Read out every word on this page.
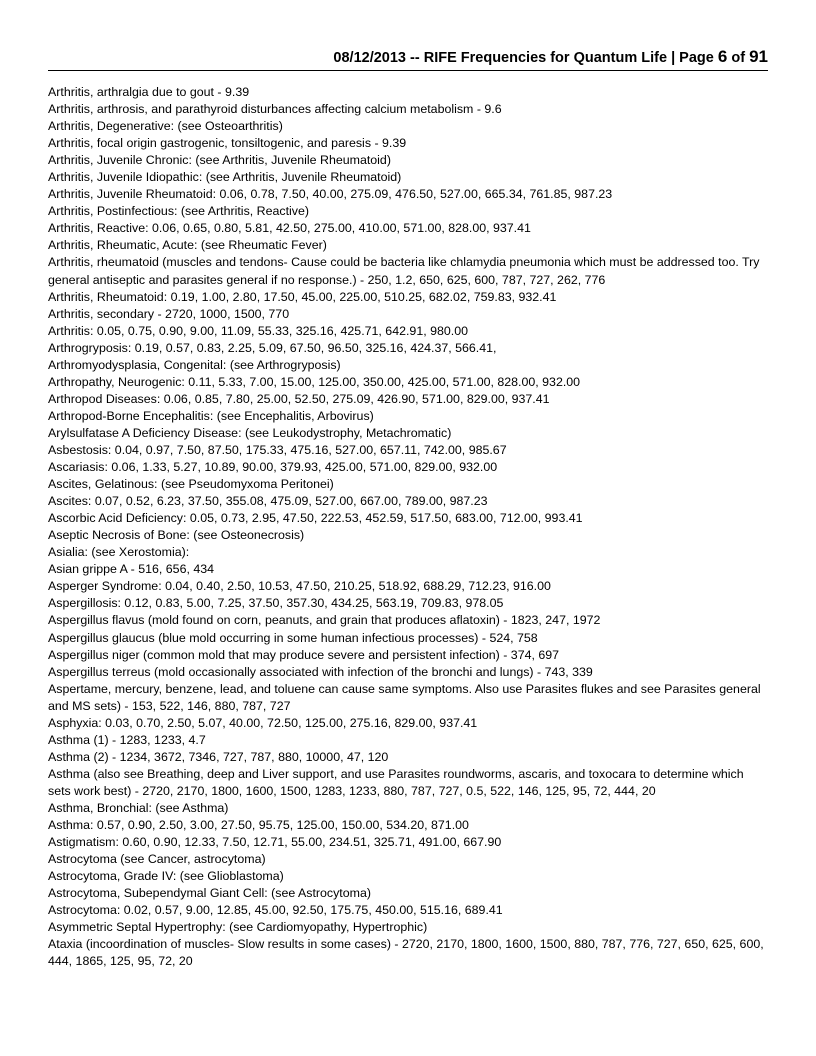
08/12/2013 -- RIFE Frequencies for Quantum Life | Page 6 of 91

Arthritis, arthralgia due to gout - 9.39

Arthritis, arthrosis, and parathyroid disturbances affecting calcium metabolism - 9.6

Arthritis, Degenerative: (see Osteoarthritis)

Arthritis, focal origin gastrogenic, tonsiltogenic, and paresis - 9.39

Arthritis, Juvenile Chronic: (see Arthritis, Juvenile Rheumatoid)

Arthritis, Juvenile Idiopathic: (see Arthritis, Juvenile Rheumatoid)

Arthritis, Juvenile Rheumatoid: 0.06, 0.78, 7.50, 40.00, 275.09, 476.50, 527.00, 665.34, 761.85, 987.23

Arthritis, Postinfectious: (see Arthritis, Reactive)

Arthritis, Reactive: 0.06, 0.65, 0.80, 5.81, 42.50, 275.00, 410.00, 571.00, 828.00, 937.41

Arthritis, Rheumatic, Acute: (see Rheumatic Fever)

Arthritis, rheumatoid (muscles and tendons- Cause could be bacteria like chlamydia pneumonia which must be addressed too. Try general antiseptic and parasites general if no response.) - 250, 1.2, 650, 625, 600, 787, 727, 262, 776

Arthritis, Rheumatoid: 0.19, 1.00, 2.80, 17.50, 45.00, 225.00, 510.25, 682.02, 759.83, 932.41

Arthritis, secondary - 2720, 1000, 1500, 770

Arthritis: 0.05, 0.75, 0.90, 9.00, 11.09, 55.33, 325.16, 425.71, 642.91, 980.00

Arthrogryposis: 0.19, 0.57, 0.83, 2.25, 5.09, 67.50, 96.50, 325.16, 424.37, 566.41,

Arthromyodysplasia, Congenital: (see Arthrogryposis)

Arthropathy, Neurogenic: 0.11, 5.33, 7.00, 15.00, 125.00, 350.00, 425.00, 571.00, 828.00, 932.00

Arthropod Diseases: 0.06, 0.85, 7.80, 25.00, 52.50, 275.09, 426.90, 571.00, 829.00, 937.41

Arthropod-Borne Encephalitis: (see Encephalitis, Arbovirus)

Arylsulfatase A Deficiency Disease: (see Leukodystrophy, Metachromatic)

Asbestosis: 0.04, 0.97, 7.50, 87.50, 175.33, 475.16, 527.00, 657.11, 742.00, 985.67

Ascariasis: 0.06, 1.33, 5.27, 10.89, 90.00, 379.93, 425.00, 571.00, 829.00, 932.00

Ascites, Gelatinous: (see Pseudomyxoma Peritonei)

Ascites: 0.07, 0.52, 6.23, 37.50, 355.08, 475.09, 527.00, 667.00, 789.00, 987.23

Ascorbic Acid Deficiency: 0.05, 0.73, 2.95, 47.50, 222.53, 452.59, 517.50, 683.00, 712.00, 993.41

Aseptic Necrosis of Bone: (see Osteonecrosis)

Asialia: (see Xerostomia):

Asian grippe A - 516, 656, 434

Asperger Syndrome: 0.04, 0.40, 2.50, 10.53, 47.50, 210.25, 518.92, 688.29, 712.23, 916.00

Aspergillosis: 0.12, 0.83, 5.00, 7.25, 37.50, 357.30, 434.25, 563.19, 709.83, 978.05

Aspergillus flavus (mold found on corn, peanuts, and grain that produces aflatoxin) - 1823, 247, 1972

Aspergillus glaucus (blue mold occurring in some human infectious processes) - 524, 758

Aspergillus niger (common mold that may produce severe and persistent infection) - 374, 697

Aspergillus terreus (mold occasionally associated with infection of the bronchi and lungs) - 743, 339

Aspertame, mercury, benzene, lead, and toluene can cause same symptoms. Also use Parasites flukes and see Parasites general and MS sets) - 153, 522, 146, 880, 787, 727

Asphyxia: 0.03, 0.70, 2.50, 5.07, 40.00, 72.50, 125.00, 275.16, 829.00, 937.41

Asthma (1) - 1283, 1233, 4.7

Asthma (2) - 1234, 3672, 7346, 727, 787, 880, 10000, 47, 120

Asthma (also see Breathing, deep and Liver support, and use Parasites roundworms, ascaris, and toxocara to determine which sets work best) - 2720, 2170, 1800, 1600, 1500, 1283, 1233, 880, 787, 727, 0.5, 522, 146, 125, 95, 72, 444, 20

Asthma, Bronchial: (see Asthma)

Asthma: 0.57, 0.90, 2.50, 3.00, 27.50, 95.75, 125.00, 150.00, 534.20, 871.00

Astigmatism: 0.60, 0.90, 12.33, 7.50, 12.71, 55.00, 234.51, 325.71, 491.00, 667.90

Astrocytoma (see Cancer, astrocytoma)

Astrocytoma, Grade IV: (see Glioblastoma)

Astrocytoma, Subependymal Giant Cell: (see Astrocytoma)

Astrocytoma: 0.02, 0.57, 9.00, 12.85, 45.00, 92.50, 175.75, 450.00, 515.16, 689.41

Asymmetric Septal Hypertrophy: (see Cardiomyopathy, Hypertrophic)

Ataxia (incoordination of muscles- Slow results in some cases) - 2720, 2170, 1800, 1600, 1500, 880, 787, 776, 727, 650, 625, 600, 444, 1865, 125, 95, 72, 20
